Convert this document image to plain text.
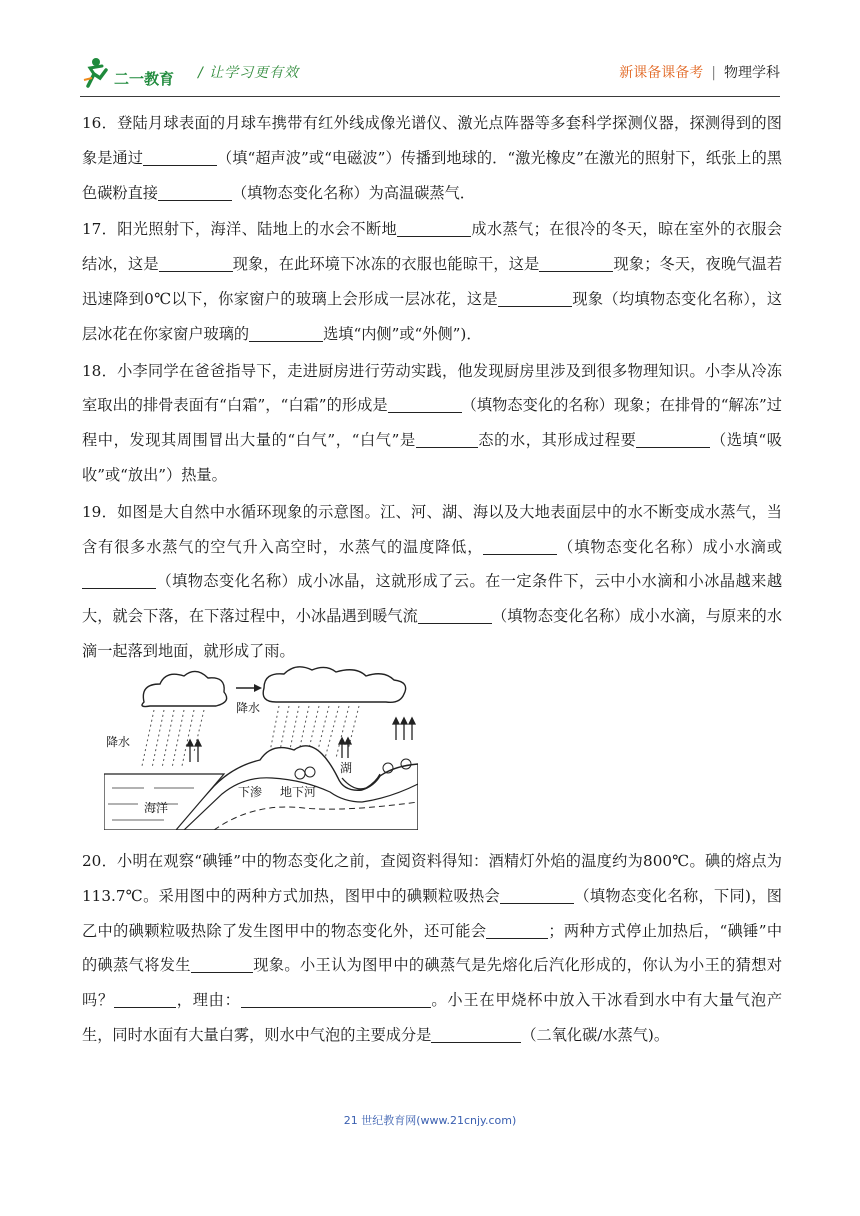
二一教育 / 让学习更有效	新课备课备考 | 物理学科

16．登陆月球表面的月球车携带有红外线成像光谱仪、激光点阵器等多套科学探测仪器，探测得到的图象是通过	（填“超声波”或“电磁波”）传播到地球的．“激光橡皮”在激光的照射下，纸张上的黑色碳粉直接	（填物态变化名称）为高温碳蒸气．

17．阳光照射下，海洋、陆地上的水会不断地	成水蒸气；在很冷的冬天，晾在室外的衣服会结冰，这是	现象，在此环境下冰冻的衣服也能晾干，这是	现象；冬天，夜晚气温若迅速降到0℃以下，你家窗户的玻璃上会形成一层冰花，这是	现象（均填物态变化名称），这层冰花在你家窗户玻璃的	选填“内侧”或“外侧”)．

18．小李同学在爸爸指导下，走进厨房进行劳动实践，他发现厨房里涉及到很多物理知识。小李从冷冻室取出的排骨表面有“白霜”，“白霜”的形成是	（填物态变化的名称）现象；在排骨的“解冻”过程中，发现其周围冒出大量的“白气”，“白气”是	态的水，其形成过程要	（选填“吸收”或“放出”）热量。

19．如图是大自然中水循环现象的示意图。江、河、湖、海以及大地表面层中的水不断变成水蒸气，当含有很多水蒸气的空气升入高空时，水蒸气的温度降低，	（填物态变化名称）成小水滴或（填物态变化名称）成小冰晶，这就形成了云。在一定条件下，云中小水滴和小冰晶越来越大，就会下落，在下落过程中，小冰晶遇到暖气流	（填物态变化名称）成小水滴，与原来的水滴一起落到地面，就形成了雨。

降水
降水
湖
海洋
下渗 地下河

20．小明在观察“碘锤”中的物态变化之前，查阅资料得知：酒精灯外焰的温度约为800℃。碘的熔点为113.7℃。采用图中的两种方式加热，图甲中的碘颗粒吸热会	（填物态变化名称，下同)，图乙中的碘颗粒吸热除了发生图甲中的物态变化外，还可能会	；两种方式停止加热后，“碘锤”中的碘蒸气将发生	现象。小王认为图甲中的碘蒸气是先熔化后汽化形成的，你认为小王的猜想对吗？	，理由：	。小王在甲烧杯中放入干冰看到水中有大量气泡产生，同时水面有大量白雾，则水中气泡的主要成分是	（二氧化碳/水蒸气)。

21 世纪教育网(www.21cnjy.com)
